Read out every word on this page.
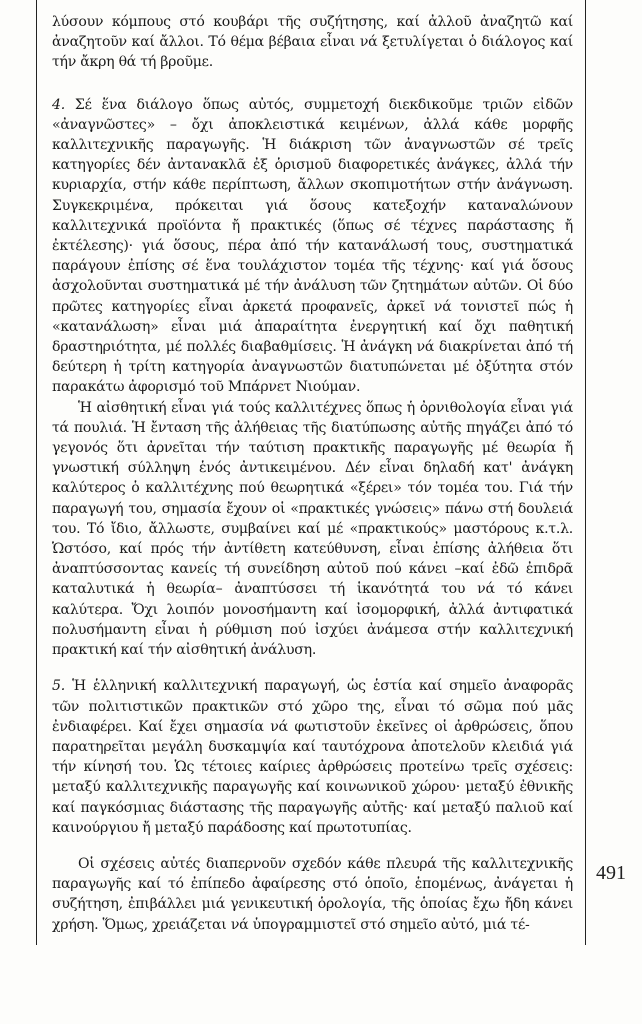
λύσουν κόμπους στό κουβάρι τῆς συζήτησης, καί ἀλλοῦ ἀναζητῶ καί ἀναζητοῦν καί ἄλλοι. Τό θέμα βέβαια εἶναι νά ξετυλίγεται ὁ διάλογος καί τήν ἄκρη θά τή βροῦμε.

4. Σέ ἕνα διάλογο ὅπως αὐτός, συμμετοχή διεκδικοῦμε τριῶν εἰδῶν «ἀναγνῶστες» – ὄχι ἀποκλειστικά κειμένων, ἀλλά κάθε μορφῆς καλλιτεχνικῆς παραγωγῆς. Ἡ διάκριση τῶν ἀναγνωστῶν σέ τρεῖς κατηγορίες δέν ἀντανακλᾶ ἐξ ὁρισμοῦ διαφορετικές ἀνάγκες, ἀλλά τήν κυριαρχία, στήν κάθε περίπτωση, ἄλλων σκοπιμοτήτων στήν ἀνάγνωση. Συγκεκριμένα, πρόκειται γιά ὅσους κατεξοχήν καταναλώνουν καλλιτεχνικά προϊόντα ἤ πρακτικές (ὅπως σέ τέχνες παράστασης ἤ ἐκτέλεσης)· γιά ὅσους, πέρα ἀπό τήν κατανάλωσή τους, συστηματικά παράγουν ἐπίσης σέ ἕνα τουλάχιστον τομέα τῆς τέχνης· καί γιά ὅσους ἀσχολοῦνται συστηματικά μέ τήν ἀνάλυση τῶν ζητημάτων αὐτῶν. Οἱ δύο πρῶτες κατηγορίες εἶναι ἀρκετά προφανεῖς, ἀρκεῖ νά τονιστεῖ πώς ἡ «κατανάλωση» εἶναι μιά ἀπαραίτητα ἐνεργητική καί ὄχι παθητική δραστηριότητα, μέ πολλές διαβαθμίσεις. Ἡ ἀνάγκη νά διακρίνεται ἀπό τή δεύτερη ἡ τρίτη κατηγορία ἀναγνωστῶν διατυπώνεται μέ ὀξύτητα στόν παρακάτω ἀφορισμό τοῦ Μπάρνετ Νιούμαν.

Ἡ αἰσθητική εἶναι γιά τούς καλλιτέχνες ὅπως ἡ ὀρνιθολογία εἶναι γιά τά πουλιά. Ἡ ἔνταση τῆς ἀλήθειας τῆς διατύπωσης αὐτῆς πηγάζει ἀπό τό γεγονός ὅτι ἀρνεῖται τήν ταύτιση πρακτικῆς παραγωγῆς μέ θεωρία ἤ γνωστική σύλληψη ἑνός ἀντικειμένου. Δέν εἶναι δηλαδή κατ' ἀνάγκη καλύτερος ὁ καλλιτέχνης πού θεωρητικά «ξέρει» τόν τομέα του. Γιά τήν παραγωγή του, σημασία ἔχουν οἱ «πρακτικές γνώσεις» πάνω στή δουλειά του. Τό ἴδιο, ἄλλωστε, συμβαίνει καί μέ «πρακτικούς» μαστόρους κ.τ.λ. Ὡστόσο, καί πρός τήν ἀντίθετη κατεύθυνση, εἶναι ἐπίσης ἀλήθεια ὅτι ἀναπτύσσοντας κανείς τή συνείδηση αὐτοῦ πού κάνει –καί ἐδῶ ἐπιδρᾶ καταλυτικά ἡ θεωρία– ἀναπτύσσει τή ἱκανότητά του νά τό κάνει καλύτερα. Ὄχι λοιπόν μονοσήμαντη καί ἰσομορφική, ἀλλά ἀντιφατικά πολυσήμαντη εἶναι ἡ ρύθμιση πού ἰσχύει ἀνάμεσα στήν καλλιτεχνική πρακτική καί τήν αἰσθητική ἀνάλυση.

5. Ἡ ἑλληνική καλλιτεχνική παραγωγή, ὡς ἑστία καί σημεῖο ἀναφορᾶς τῶν πολιτιστικῶν πρακτικῶν στό χῶρο της, εἶναι τό σῶμα πού μᾶς ἐνδιαφέρει. Καί ἔχει σημασία νά φωτιστοῦν ἐκεῖνες οἱ ἀρθρώσεις, ὅπου παρατηρεῖται μεγάλη δυσκαμψία καί ταυτόχρονα ἀποτελοῦν κλειδιά γιά τήν κίνησή του. Ὡς τέτοιες καίριες ἀρθρώσεις προτείνω τρεῖς σχέσεις: μεταξύ καλλιτεχνικῆς παραγωγῆς καί κοινωνικοῦ χώρου· μεταξύ ἐθνικῆς καί παγκόσμιας διάστασης τῆς παραγωγῆς αὐτῆς· καί μεταξύ παλιοῦ καί καινούργιου ἤ μεταξύ παράδοσης καί πρωτοτυπίας.

Οἱ σχέσεις αὐτές διαπερνοῦν σχεδόν κάθε πλευρά τῆς καλλιτεχνικῆς παραγωγῆς καί τό ἐπίπεδο ἀφαίρεσης στό ὁποῖο, ἑπομένως, ἀνάγεται ἡ συζήτηση, ἐπιβάλλει μιά γενικευτική ὁρολογία, τῆς ὁποίας ἔχω ἤδη κάνει χρήση. Ὅμως, χρειάζεται νά ὑπογραμμιστεῖ στό σημεῖο αὐτό, μιά τέ-

491
